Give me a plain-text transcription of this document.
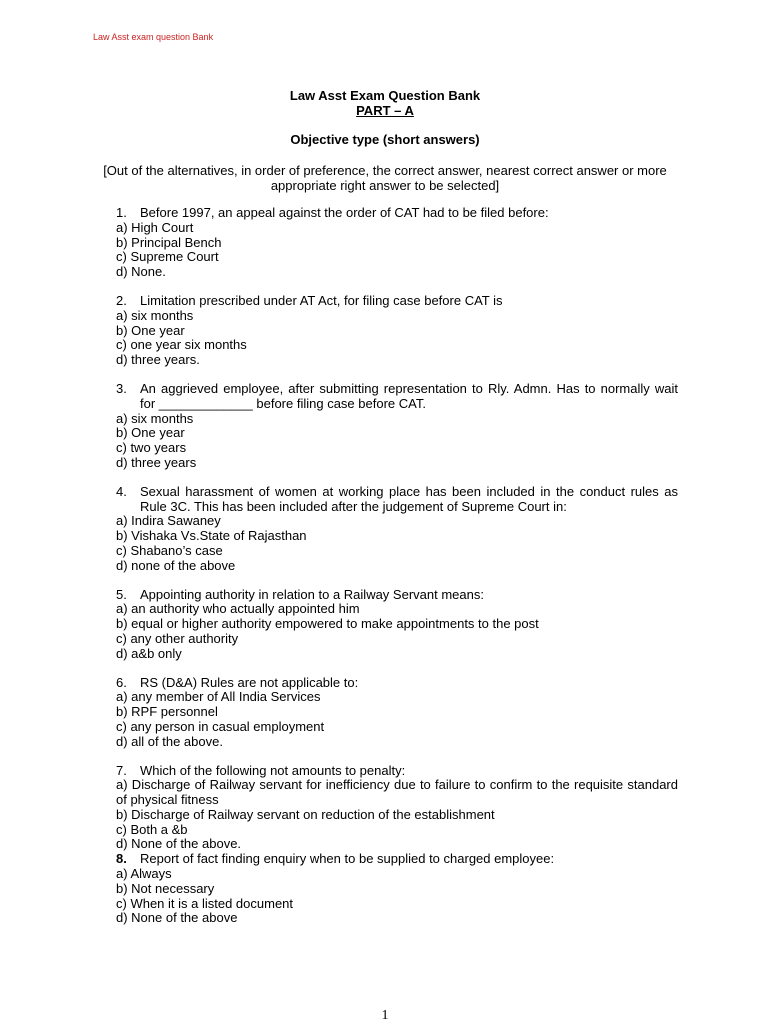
Law Asst exam question Bank
Law Asst Exam Question Bank
PART – A
Objective type (short answers)
[Out of the alternatives, in order of preference, the correct answer, nearest correct answer or more appropriate right answer to be selected]
1. Before 1997, an appeal against the order of CAT had to be filed before:
a) High Court
b) Principal Bench
c) Supreme Court
d) None.
2. Limitation prescribed under AT Act, for filing case before CAT is
a) six months
b) One year
c) one year six months
d) three years.
3. An aggrieved employee, after submitting representation to Rly. Admn. Has to normally wait for _____________ before filing case before CAT.
a) six months
b) One year
c) two years
d) three years
4. Sexual harassment of women at working place has been included in the conduct rules as Rule 3C. This has been included after the judgement of Supreme Court in:
a) Indira Sawaney
b) Vishaka Vs.State of Rajasthan
c) Shabano’s case
d) none of the above
5. Appointing authority in relation to a Railway Servant means:
a) an authority who actually appointed him
b) equal or higher authority empowered to make appointments to the post
c) any other authority
d) a&b only
6. RS (D&A) Rules are not applicable to:
a) any member of All India Services
b) RPF personnel
c) any person in casual employment
d) all of the above.
7. Which of the following not amounts to penalty:
a) Discharge of Railway servant for inefficiency due to failure to confirm to the requisite standard of physical fitness
b) Discharge of Railway servant on reduction of the establishment
c) Both a &b
d) None of the above.
8. Report of fact finding enquiry when to be supplied to charged employee:
a) Always
b) Not necessary
c) When it is a listed document
d) None of the above
1
